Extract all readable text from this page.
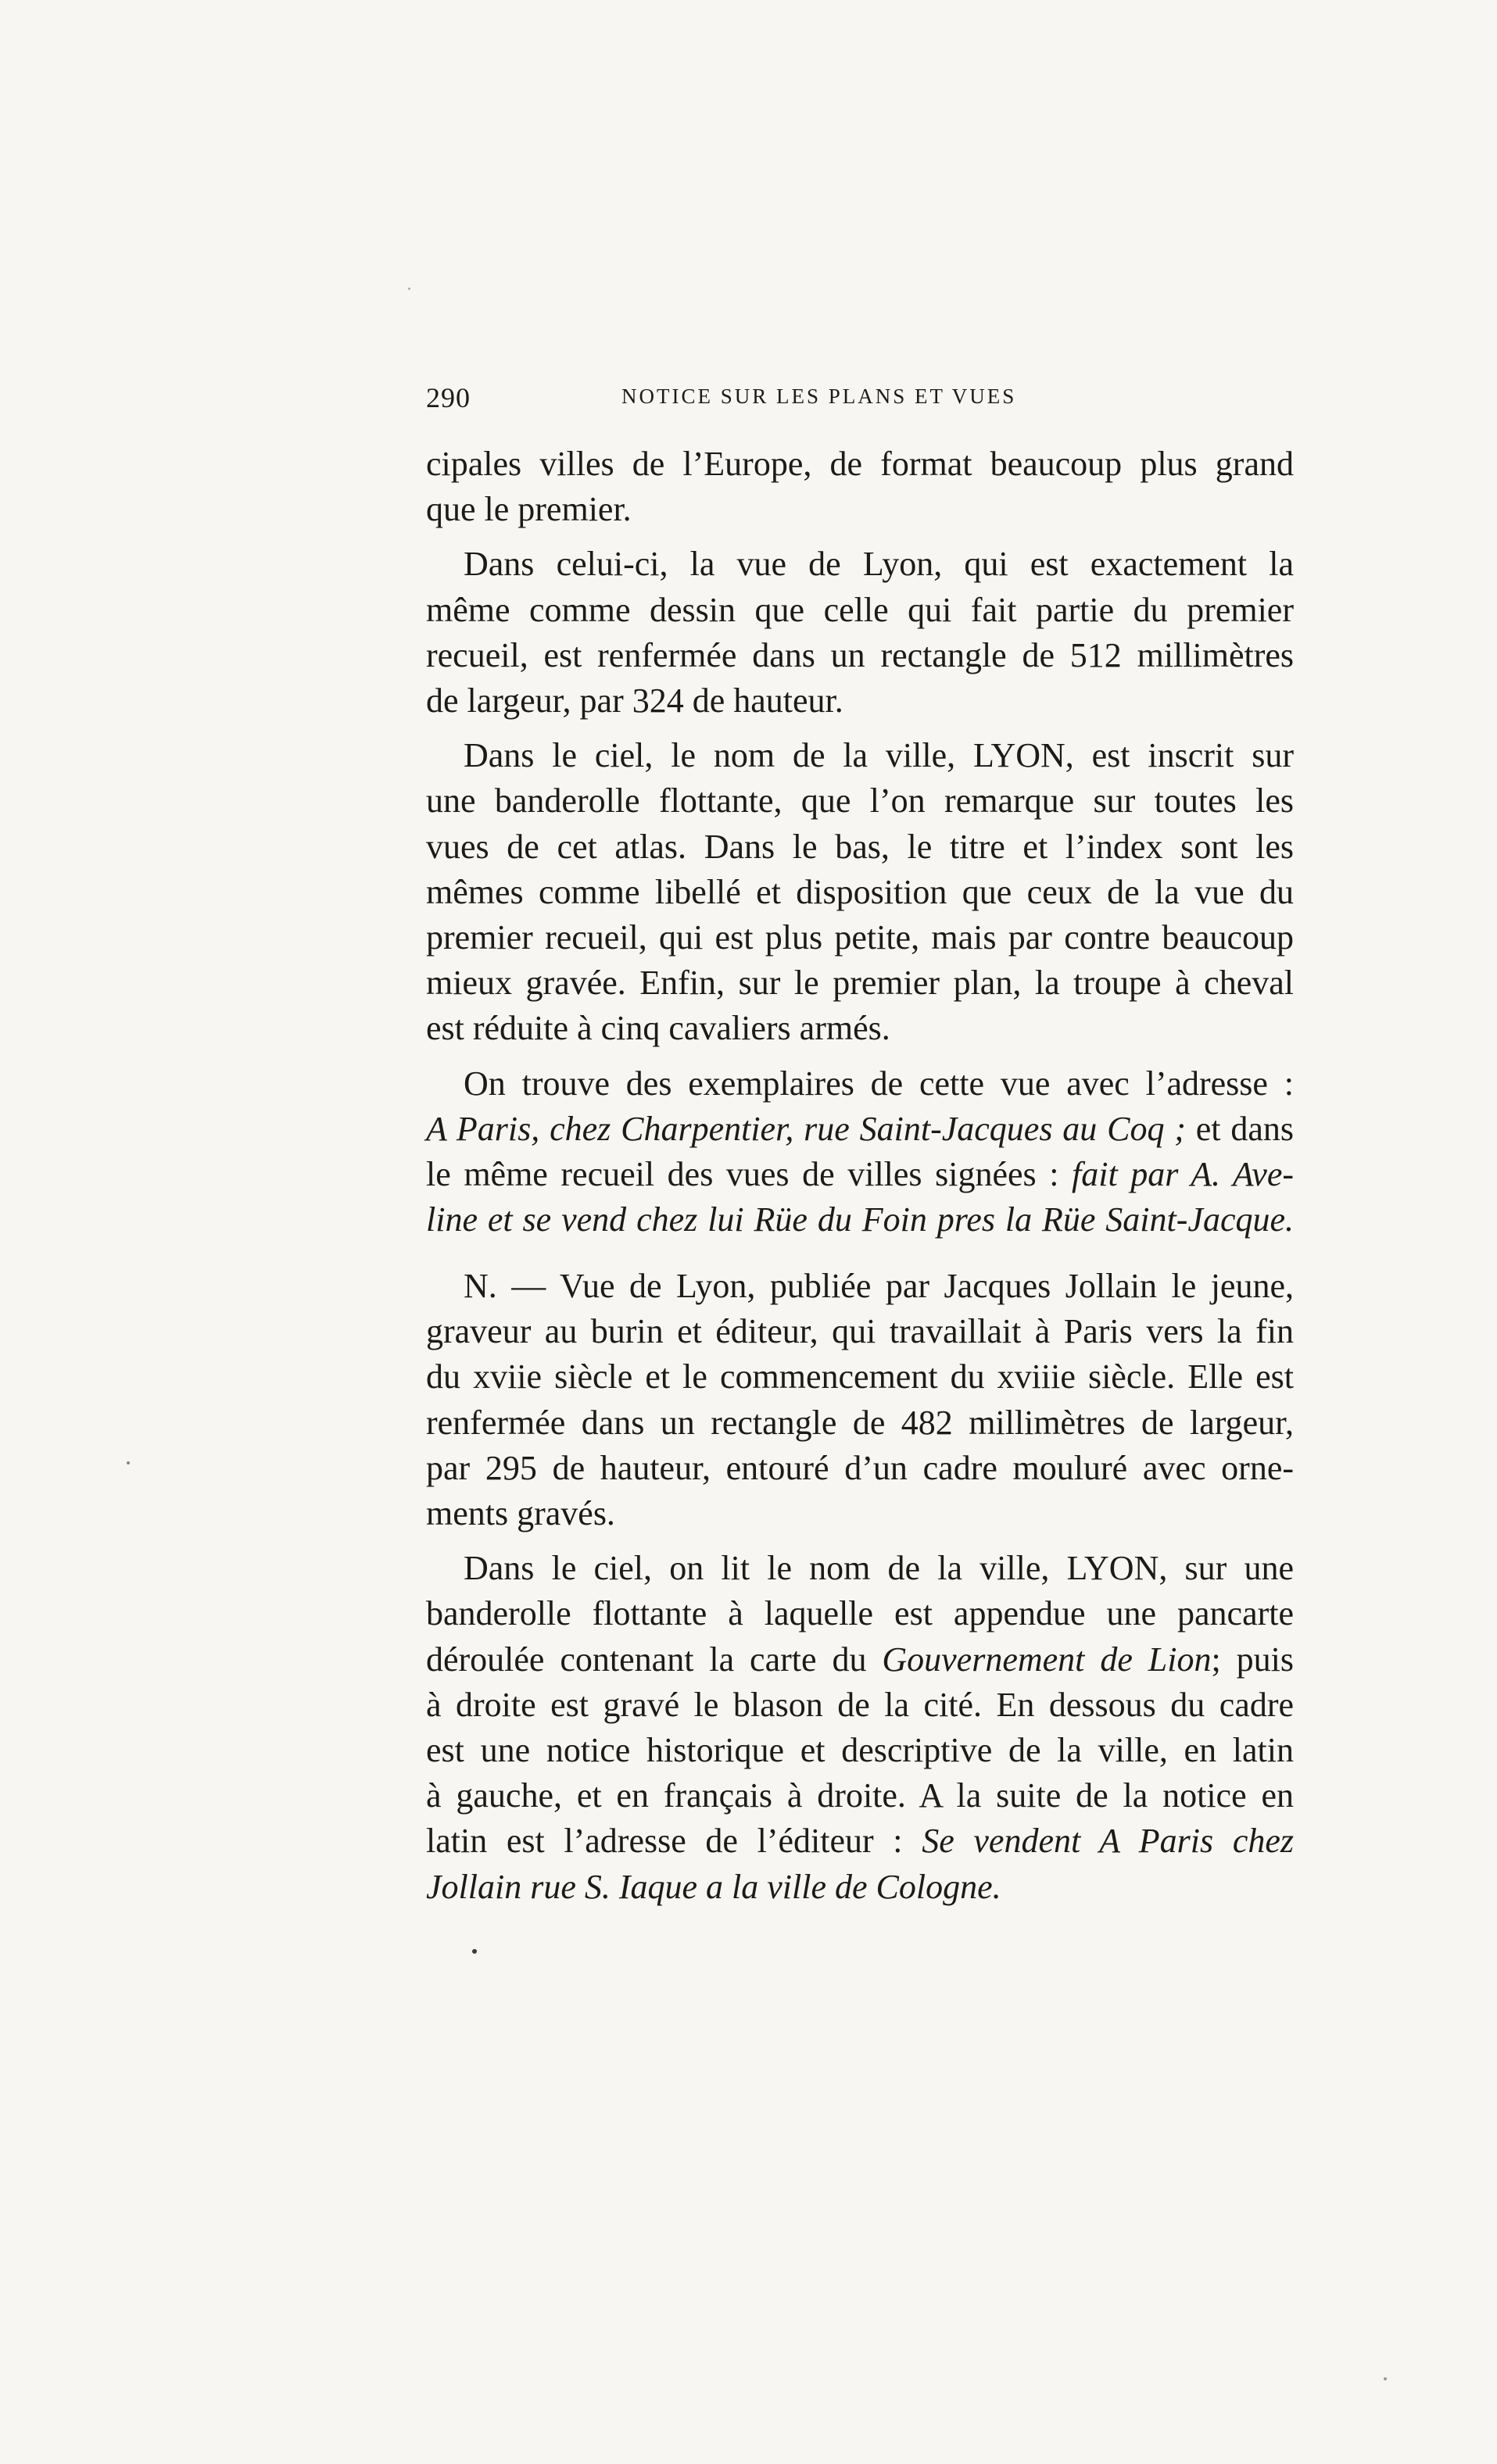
290	NOTICE SUR LES PLANS ET VUES

cipales villes de l’Europe, de format beaucoup plus grand
que le premier.

Dans celui-ci, la vue de Lyon, qui est exactement la
même comme dessin que celle qui fait partie du premier
recueil, est renfermée dans un rectangle de 512 millimètres
de largeur, par 324 de hauteur.

Dans le ciel, le nom de la ville, LYON, est inscrit sur
une banderolle flottante, que l’on remarque sur toutes les
vues de cet atlas. Dans le bas, le titre et l’index sont les
mêmes comme libellé et disposition que ceux de la vue du
premier recueil, qui est plus petite, mais par contre beaucoup
mieux gravée. Enfin, sur le premier plan, la troupe à cheval
est réduite à cinq cavaliers armés.

On trouve des exemplaires de cette vue avec l’adresse :
A Paris, chez Charpentier, rue Saint-Jacques au Coq ; et dans
le même recueil des vues de villes signées : fait par A. Ave-
line et se vend chez lui Rüe du Foin pres la Rüe Saint-Jacque.

N. — Vue de Lyon, publiée par Jacques Jollain le jeune,
graveur au burin et éditeur, qui travaillait à Paris vers la fin
du xviie siècle et le commencement du xviiie siècle. Elle est
renfermée dans un rectangle de 482 millimètres de largeur,
par 295 de hauteur, entouré d’un cadre mouluré avec orne-
ments gravés.

Dans le ciel, on lit le nom de la ville, LYON, sur une
banderolle flottante à laquelle est appendue une pancarte
déroulée contenant la carte du Gouvernement de Lion; puis
à droite est gravé le blason de la cité. En dessous du cadre
est une notice historique et descriptive de la ville, en latin
à gauche, et en français à droite. A la suite de la notice en
latin est l’adresse de l’éditeur : Se vendent A Paris chez
Jollain rue S. Iaque a la ville de Cologne.
